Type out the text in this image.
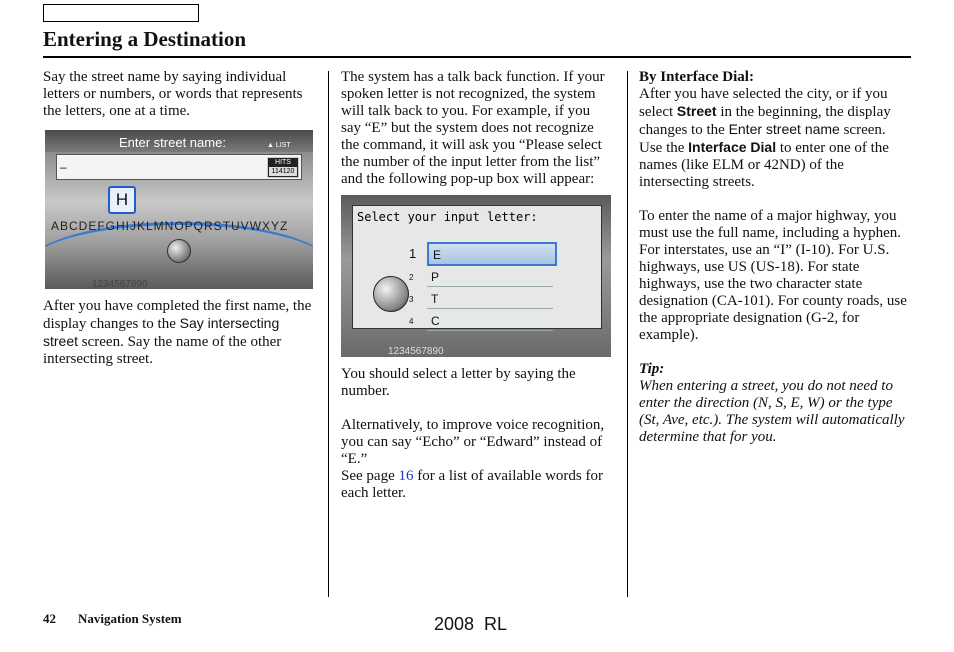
Entering a Destination

Say the street name by saying individual letters or numbers, or words that represents the letters, one at a time.

Enter street name:	▲ LIST
–	HITS
114120
H
ABCDEFGHIJKLMNOPQRSTUVWXYZ
1234567890

After you have completed the first name, the display changes to the Say intersecting street screen. Say the name of the other intersecting street.

The system has a talk back function. If your spoken letter is not recognized, the system will talk back to you. For example, if you say “E” but the system does not recognize the command, it will ask you “Please select the number of the input letter from the list” and the following pop-up box will appear:

Select your input letter:
1 E
2 P
3 T
4 C
1234567890

You should select a letter by saying the number.

Alternatively, to improve voice recognition, you can say “Echo” or “Edward” instead of “E.”

See page 16 for a list of available words for each letter.

By Interface Dial:

After you have selected the city, or if you select Street in the beginning, the display changes to the Enter street name screen. Use the Interface Dial to enter one of the names (like ELM or 42ND) of the intersecting streets.

To enter the name of a major highway, you must use the full name, including a hyphen. For interstates, use an “I” (I-10). For U.S. highways, use US (US-18). For state highways, use the two character state designation (CA-101). For county roads, use the appropriate designation (G-2, for example).

Tip:

When entering a street, you do not need to enter the direction (N, S, E, W) or the type (St, Ave, etc.). The system will automatically determine that for you.

42 Navigation System	2008  RL
